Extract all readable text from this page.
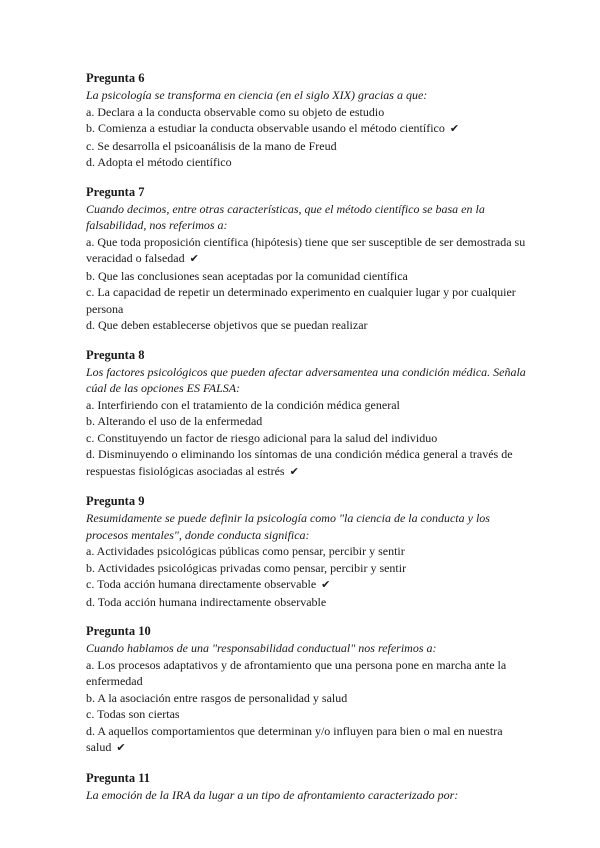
Pregunta 6

La psicología se transforma en ciencia (en el siglo XIX) gracias a que:

a. Declara a la conducta observable como su objeto de estudio

b. Comienza a estudiar la conducta observable usando el método científico ✔

c. Se desarrolla el psicoanálisis de la mano de Freud

d. Adopta el método científico

Pregunta 7

Cuando decimos, entre otras características, que el método científico se basa en la falsabilidad, nos referimos a:

a. Que toda proposición científica (hipótesis) tiene que ser susceptible de ser demostrada su veracidad o falsedad ✔

b. Que las conclusiones sean aceptadas por la comunidad científica

c. La capacidad de repetir un determinado experimento en cualquier lugar y por cualquier persona

d. Que deben establecerse objetivos que se puedan realizar

Pregunta 8

Los factores psicológicos que pueden afectar adversamentea una condición médica. Señala cúal de las opciones ES FALSA:

a. Interfiriendo con el tratamiento de la condición médica general

b. Alterando el uso de la enfermedad

c. Constituyendo un factor de riesgo adicional para la salud del individuo

d. Disminuyendo o eliminando los síntomas de una condición médica general a través de respuestas fisiológicas asociadas al estrés ✔

Pregunta 9

Resumidamente se puede definir la psicología como "la ciencia de la conducta y los procesos mentales", donde conducta significa:

a. Actividades psicológicas públicas como pensar, percibir y sentir

b. Actividades psicológicas privadas como pensar, percibir y sentir

c. Toda acción humana directamente observable ✔

d. Toda acción humana indirectamente observable

Pregunta 10

Cuando hablamos de una "responsabilidad conductual" nos referimos a:

a. Los procesos adaptativos y de afrontamiento que una persona pone en marcha ante la enfermedad

b. A la asociación entre rasgos de personalidad y salud

c. Todas son ciertas

d. A aquellos comportamientos que determinan y/o influyen para bien o mal en nuestra salud ✔

Pregunta 11

La emoción de la IRA da lugar a un tipo de afrontamiento caracterizado por:
